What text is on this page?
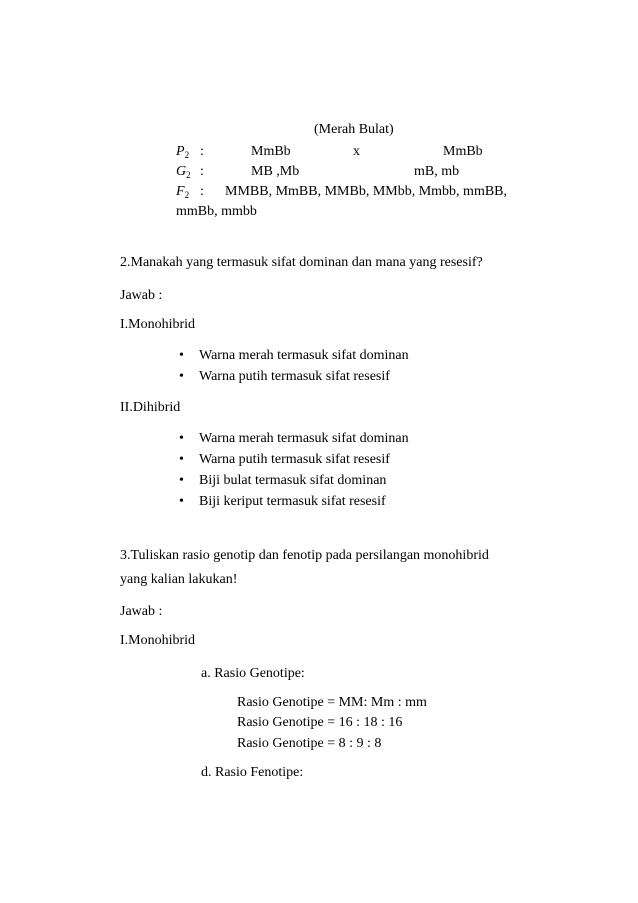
(Merah Bulat)
$P_2$ :	MmBb	x	MmBb
$G_2$ :	MB ,Mb	mB, mb
$F_2$ : MMBB, MmBB, MMBb, MMbb, Mmbb, mmBB,
mmBb, mmbb
2.Manakah yang termasuk sifat dominan dan mana yang resesif?
Jawab :
I.Monohibrid
• Warna merah termasuk sifat dominan
• Warna putih termasuk sifat resesif
II.Dihibrid
• Warna merah termasuk sifat dominan
• Warna putih termasuk sifat resesif
• Biji bulat termasuk sifat dominan
• Biji keriput termasuk sifat resesif
3.Tuliskan rasio genotip dan fenotip pada persilangan monohibrid
yang kalian lakukan!
Jawab :
I.Monohibrid
a. Rasio Genotipe:
Rasio Genotipe = MM: Mm : mm
Rasio Genotipe = 16 : 18 : 16
Rasio Genotipe = 8 : 9 : 8
d. Rasio Fenotipe:
